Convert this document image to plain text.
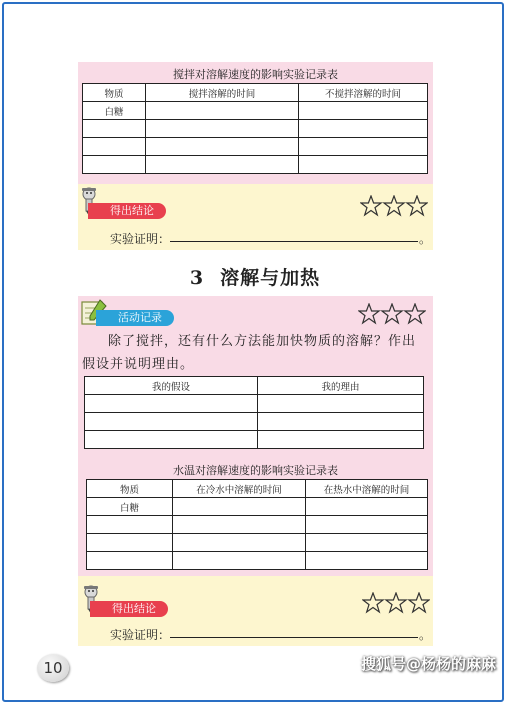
搅拌对溶解速度的影响实验记录表
物质	搅拌溶解的时间	不搅拌溶解的时间
白糖		

得出结论
实验证明：	。
3 溶解与加热
活动记录
除了搅拌，还有什么方法能加快物质的溶解？作出假设并说明理由。
我的假设	我的理由

水温对溶解速度的影响实验记录表
物质	在冷水中溶解的时间	在热水中溶解的时间
白糖		

得出结论
实验证明：	。
10	搜狐号@杨杨的麻麻
